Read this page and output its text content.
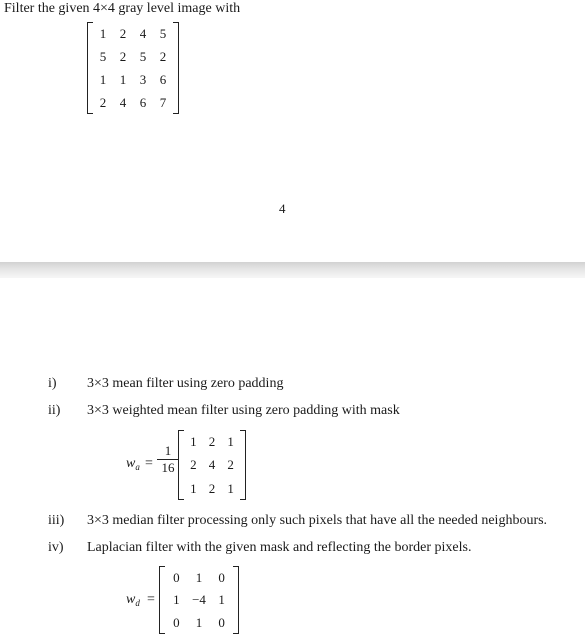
Filter the given 4×4 gray level image with
1	2	4	5
5	2	5	2
1	1	3	6
2	4	6	7
4
i) 3×3 mean filter using zero padding
ii) 3×3 weighted mean filter using zero padding with mask
$w_a$ =
1
16
1 2 1
2 4 2
1 2 1
iii) 3×3 median filter processing only such pixels that have all the needed neighbours.
iv) Laplacian filter with the given mask and reflecting the border pixels.
$w_d$ =
0	1	0
1 −4 1
0	1	0
